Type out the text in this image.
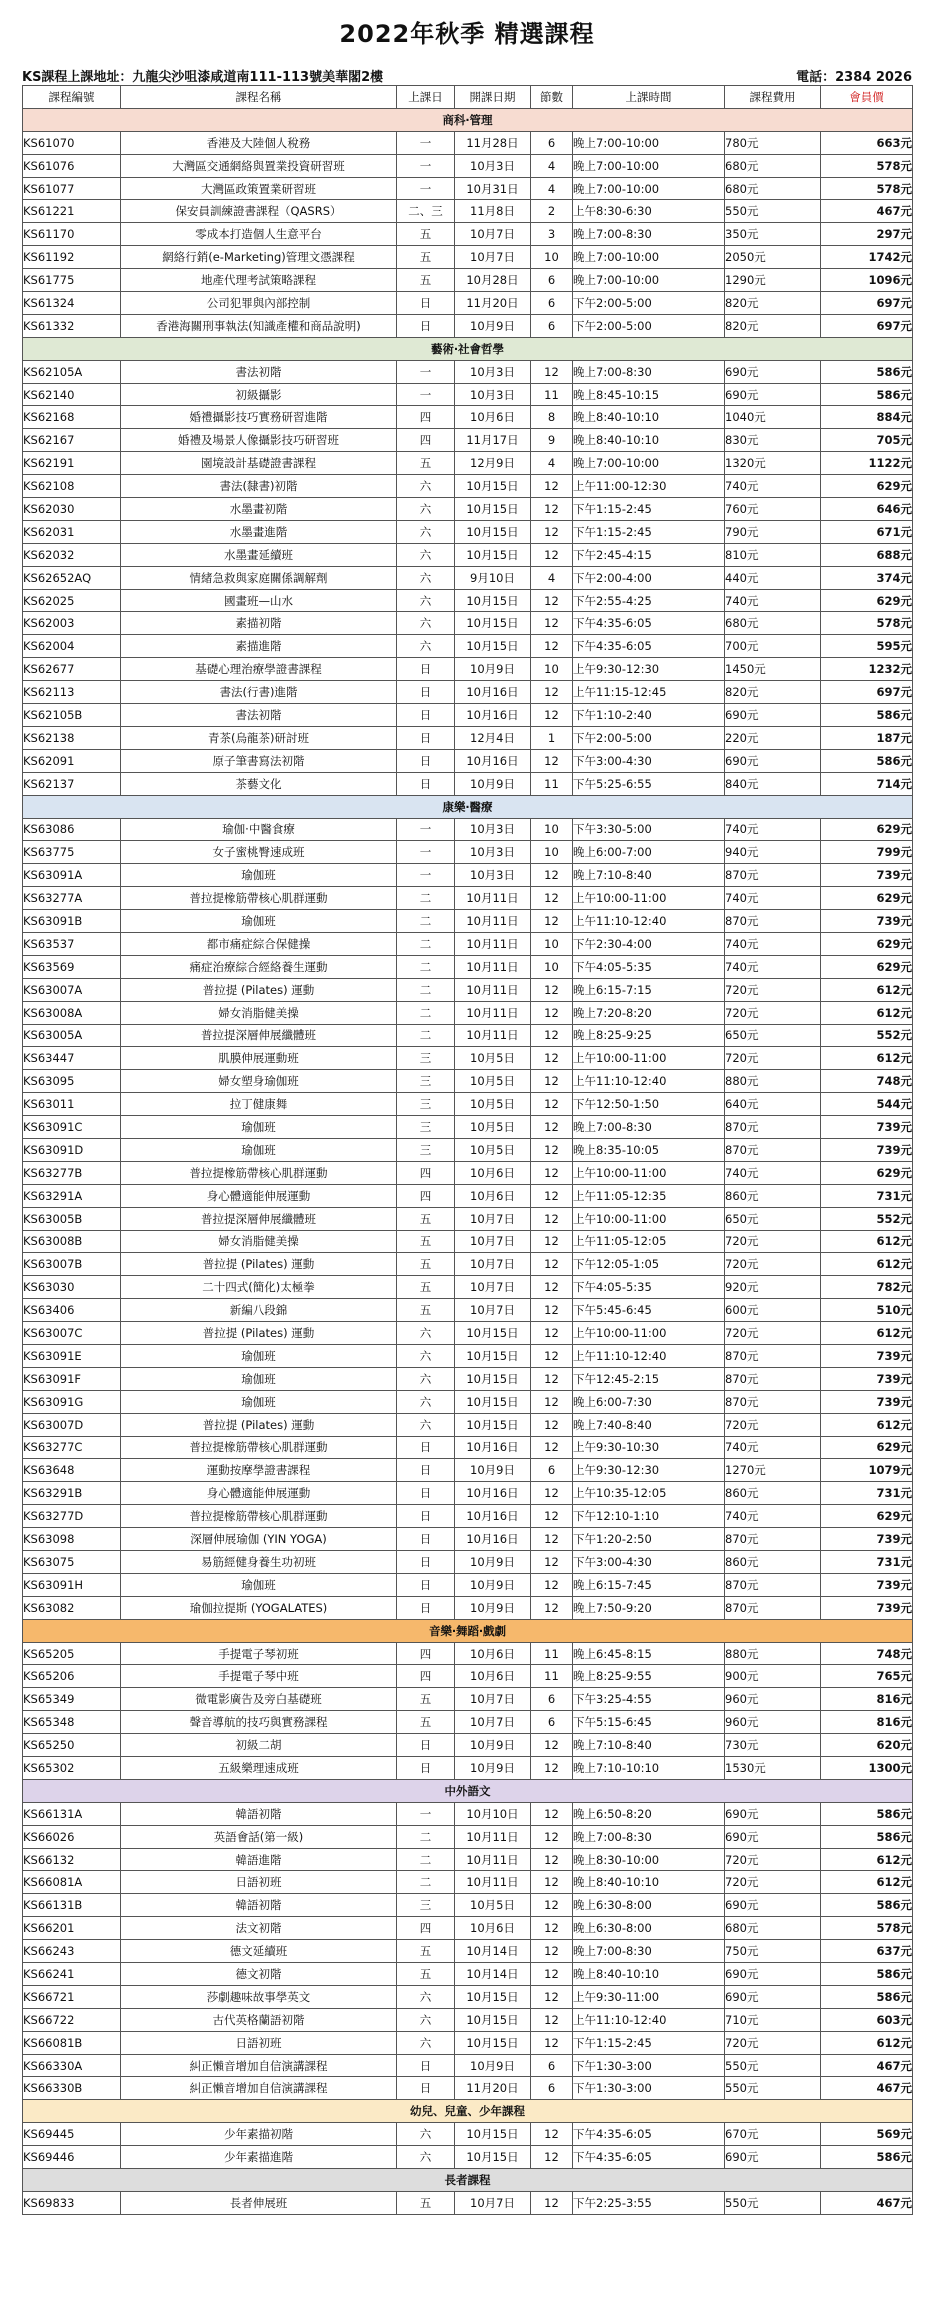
2022年秋季 精選課程
KS課程上課地址：九龍尖沙咀漆咸道南111-113號美華閣2樓	電話：2384 2026
課程編號	課程名稱	上課日	開課日期	節數	上課時間	課程費用	會員價
商科‧管理							
KS61070	香港及大陸個人稅務	一	11月28日	6	晚上7:00-10:00	780元	663元
KS61076	大灣區交通網絡與置業投資研習班	一	10月3日	4	晚上7:00-10:00	680元	578元
KS61077	大灣區政策置業研習班	一	10月31日	4	晚上7:00-10:00	680元	578元
KS61221	保安員訓練證書課程（QASRS）	二、三	11月8日	2	上午8:30-6:30	550元	467元
KS61170	零成本打造個人生意平台	五	10月7日	3	晚上7:00-8:30	350元	297元
KS61192	網絡行銷(e-Marketing)管理文憑課程	五	10月7日	10	晚上7:00-10:00	2050元	1742元
KS61775	地產代理考試策略課程	五	10月28日	6	晚上7:00-10:00	1290元	1096元
KS61324	公司犯罪與內部控制	日	11月20日	6	下午2:00-5:00	820元	697元
KS61332	香港海關刑事執法(知識產權和商品說明)	日	10月9日	6	下午2:00-5:00	820元	697元
藝術‧社會哲學							
KS62105A	書法初階	一	10月3日	12	晚上7:00-8:30	690元	586元
KS62140	初級攝影	一	10月3日	11	晚上8:45-10:15	690元	586元
KS62168	婚禮攝影技巧實務研習進階	四	10月6日	8	晚上8:40-10:10	1040元	884元
KS62167	婚禮及場景人像攝影技巧研習班	四	11月17日	9	晚上8:40-10:10	830元	705元
KS62191	園境設計基礎證書課程	五	12月9日	4	晚上7:00-10:00	1320元	1122元
KS62108	書法(隸書)初階	六	10月15日	12	上午11:00-12:30	740元	629元
KS62030	水墨畫初階	六	10月15日	12	下午1:15-2:45	760元	646元
KS62031	水墨畫進階	六	10月15日	12	下午1:15-2:45	790元	671元
KS62032	水墨畫延續班	六	10月15日	12	下午2:45-4:15	810元	688元
KS62652AQ	情緒急救與家庭關係調解劑	六	9月10日	4	下午2:00-4:00	440元	374元
KS62025	國畫班—山水	六	10月15日	12	下午2:55-4:25	740元	629元
KS62003	素描初階	六	10月15日	12	下午4:35-6:05	680元	578元
KS62004	素描進階	六	10月15日	12	下午4:35-6:05	700元	595元
KS62677	基礎心理治療學證書課程	日	10月9日	10	上午9:30-12:30	1450元	1232元
KS62113	書法(行書)進階	日	10月16日	12	上午11:15-12:45	820元	697元
KS62105B	書法初階	日	10月16日	12	下午1:10-2:40	690元	586元
KS62138	青茶(烏龍茶)研討班	日	12月4日	1	下午2:00-5:00	220元	187元
KS62091	原子筆書寫法初階	日	10月16日	12	下午3:00-4:30	690元	586元
KS62137	茶藝文化	日	10月9日	11	下午5:25-6:55	840元	714元
康樂‧醫療							
KS63086	瑜伽‧中醫食療	一	10月3日	10	下午3:30-5:00	740元	629元
KS63775	女子蜜桃臀速成班	一	10月3日	10	晚上6:00-7:00	940元	799元
KS63091A	瑜伽班	一	10月3日	12	晚上7:10-8:40	870元	739元
KS63277A	普拉提橡筋帶核心肌群運動	二	10月11日	12	上午10:00-11:00	740元	629元
KS63091B	瑜伽班	二	10月11日	12	上午11:10-12:40	870元	739元
KS63537	都市痛症綜合保健操	二	10月11日	10	下午2:30-4:00	740元	629元
KS63569	痛症治療綜合經絡養生運動	二	10月11日	10	下午4:05-5:35	740元	629元
KS63007A	普拉提 (Pilates) 運動	二	10月11日	12	晚上6:15-7:15	720元	612元
KS63008A	婦女消脂健美操	二	10月11日	12	晚上7:20-8:20	720元	612元
KS63005A	普拉提深層伸展纖體班	二	10月11日	12	晚上8:25-9:25	650元	552元
KS63447	肌膜伸展運動班	三	10月5日	12	上午10:00-11:00	720元	612元
KS63095	婦女塑身瑜伽班	三	10月5日	12	上午11:10-12:40	880元	748元
KS63011	拉丁健康舞	三	10月5日	12	下午12:50-1:50	640元	544元
KS63091C	瑜伽班	三	10月5日	12	晚上7:00-8:30	870元	739元
KS63091D	瑜伽班	三	10月5日	12	晚上8:35-10:05	870元	739元
KS63277B	普拉提橡筋帶核心肌群運動	四	10月6日	12	上午10:00-11:00	740元	629元
KS63291A	身心體適能伸展運動	四	10月6日	12	上午11:05-12:35	860元	731元
KS63005B	普拉提深層伸展纖體班	五	10月7日	12	上午10:00-11:00	650元	552元
KS63008B	婦女消脂健美操	五	10月7日	12	上午11:05-12:05	720元	612元
KS63007B	普拉提 (Pilates) 運動	五	10月7日	12	下午12:05-1:05	720元	612元
KS63030	二十四式(簡化)太極拳	五	10月7日	12	下午4:05-5:35	920元	782元
KS63406	新編八段錦	五	10月7日	12	下午5:45-6:45	600元	510元
KS63007C	普拉提 (Pilates) 運動	六	10月15日	12	上午10:00-11:00	720元	612元
KS63091E	瑜伽班	六	10月15日	12	上午11:10-12:40	870元	739元
KS63091F	瑜伽班	六	10月15日	12	下午12:45-2:15	870元	739元
KS63091G	瑜伽班	六	10月15日	12	晚上6:00-7:30	870元	739元
KS63007D	普拉提 (Pilates) 運動	六	10月15日	12	晚上7:40-8:40	720元	612元
KS63277C	普拉提橡筋帶核心肌群運動	日	10月16日	12	上午9:30-10:30	740元	629元
KS63648	運動按摩學證書課程	日	10月9日	6	上午9:30-12:30	1270元	1079元
KS63291B	身心體適能伸展運動	日	10月16日	12	上午10:35-12:05	860元	731元
KS63277D	普拉提橡筋帶核心肌群運動	日	10月16日	12	下午12:10-1:10	740元	629元
KS63098	深層伸展瑜伽 (YIN YOGA)	日	10月16日	12	下午1:20-2:50	870元	739元
KS63075	易筋經健身養生功初班	日	10月9日	12	下午3:00-4:30	860元	731元
KS63091H	瑜伽班	日	10月9日	12	晚上6:15-7:45	870元	739元
KS63082	瑜伽拉提斯 (YOGALATES)	日	10月9日	12	晚上7:50-9:20	870元	739元
音樂‧舞蹈‧戲劇							
KS65205	手提電子琴初班	四	10月6日	11	晚上6:45-8:15	880元	748元
KS65206	手提電子琴中班	四	10月6日	11	晚上8:25-9:55	900元	765元
KS65349	微電影廣告及旁白基礎班	五	10月7日	6	下午3:25-4:55	960元	816元
KS65348	聲音導航的技巧與實務課程	五	10月7日	6	下午5:15-6:45	960元	816元
KS65250	初級二胡	日	10月9日	12	晚上7:10-8:40	730元	620元
KS65302	五級樂理速成班	日	10月9日	12	晚上7:10-10:10	1530元	1300元
中外語文							
KS66131A	韓語初階	一	10月10日	12	晚上6:50-8:20	690元	586元
KS66026	英語會話(第一級)	二	10月11日	12	晚上7:00-8:30	690元	586元
KS66132	韓語進階	二	10月11日	12	晚上8:30-10:00	720元	612元
KS66081A	日語初班	二	10月11日	12	晚上8:40-10:10	720元	612元
KS66131B	韓語初階	三	10月5日	12	晚上6:30-8:00	690元	586元
KS66201	法文初階	四	10月6日	12	晚上6:30-8:00	680元	578元
KS66243	德文延續班	五	10月14日	12	晚上7:00-8:30	750元	637元
KS66241	德文初階	五	10月14日	12	晚上8:40-10:10	690元	586元
KS66721	莎劇趣味故事學英文	六	10月15日	12	上午9:30-11:00	690元	586元
KS66722	古代英格蘭語初階	六	10月15日	12	上午11:10-12:40	710元	603元
KS66081B	日語初班	六	10月15日	12	下午1:15-2:45	720元	612元
KS66330A	糾正懶音增加自信演講課程	日	10月9日	6	下午1:30-3:00	550元	467元
KS66330B	糾正懶音增加自信演講課程	日	11月20日	6	下午1:30-3:00	550元	467元
幼兒、兒童、少年課程							
KS69445	少年素描初階	六	10月15日	12	下午4:35-6:05	670元	569元
KS69446	少年素描進階	六	10月15日	12	下午4:35-6:05	690元	586元
長者課程							
KS69833	長者伸展班	五	10月7日	12	下午2:25-3:55	550元	467元
